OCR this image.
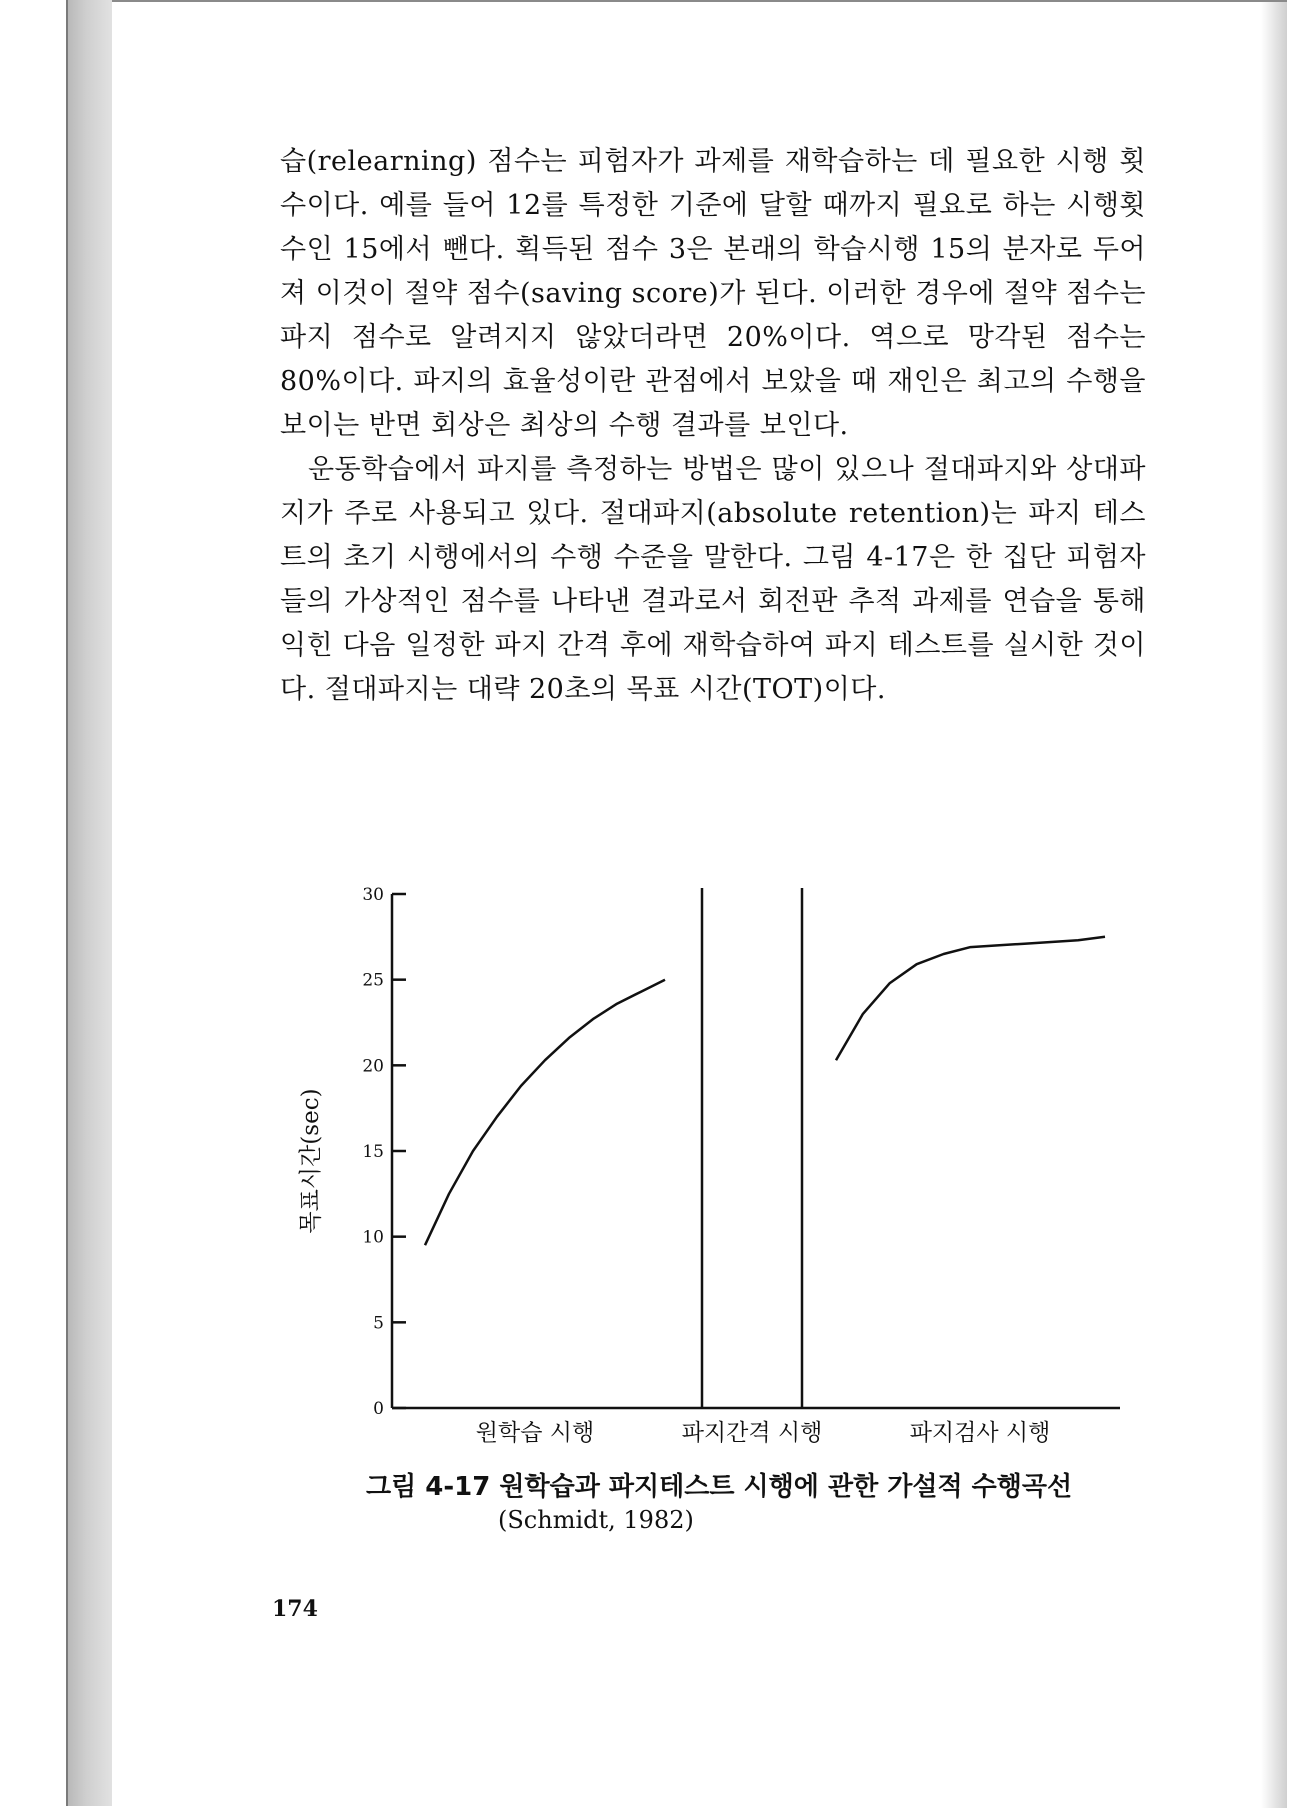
습(relearning) 점수는 피험자가 과제를 재학습하는 데 필요한 시행 횟수이다. 예를 들어 12를 특정한 기준에 달할 때까지 필요로 하는 시행횟수인 15에서 뺀다. 획득된 점수 3은 본래의 학습시행 15의 분자로 두어져 이것이 절약 점수(saving score)가 된다. 이러한 경우에 절약 점수는 파지 점수로 알려지지 않았더라면 20%이다. 역으로 망각된 점수는 80%이다. 파지의 효율성이란 관점에서 보았을 때 재인은 최고의 수행을 보이는 반면 회상은 최상의 수행 결과를 보인다.

운동학습에서 파지를 측정하는 방법은 많이 있으나 절대파지와 상대파지가 주로 사용되고 있다. 절대파지(absolute retention)는 파지 테스트의 초기 시행에서의 수행 수준을 말한다. 그림 4-17은 한 집단 피험자들의 가상적인 점수를 나타낸 결과로서 회전판 추적 과제를 연습을 통해 익힌 다음 일정한 파지 간격 후에 재학습하여 파지 테스트를 실시한 것이다. 절대파지는 대략 20초의 목표 시간(TOT)이다.

0
5
10
15
20
25
30
목표시간(sec)
원학습 시행	파지간격 시행	파지검사 시행
그림 4-17 원학습과 파지테스트 시행에 관한 가설적 수행곡선
(Schmidt, 1982)
174
